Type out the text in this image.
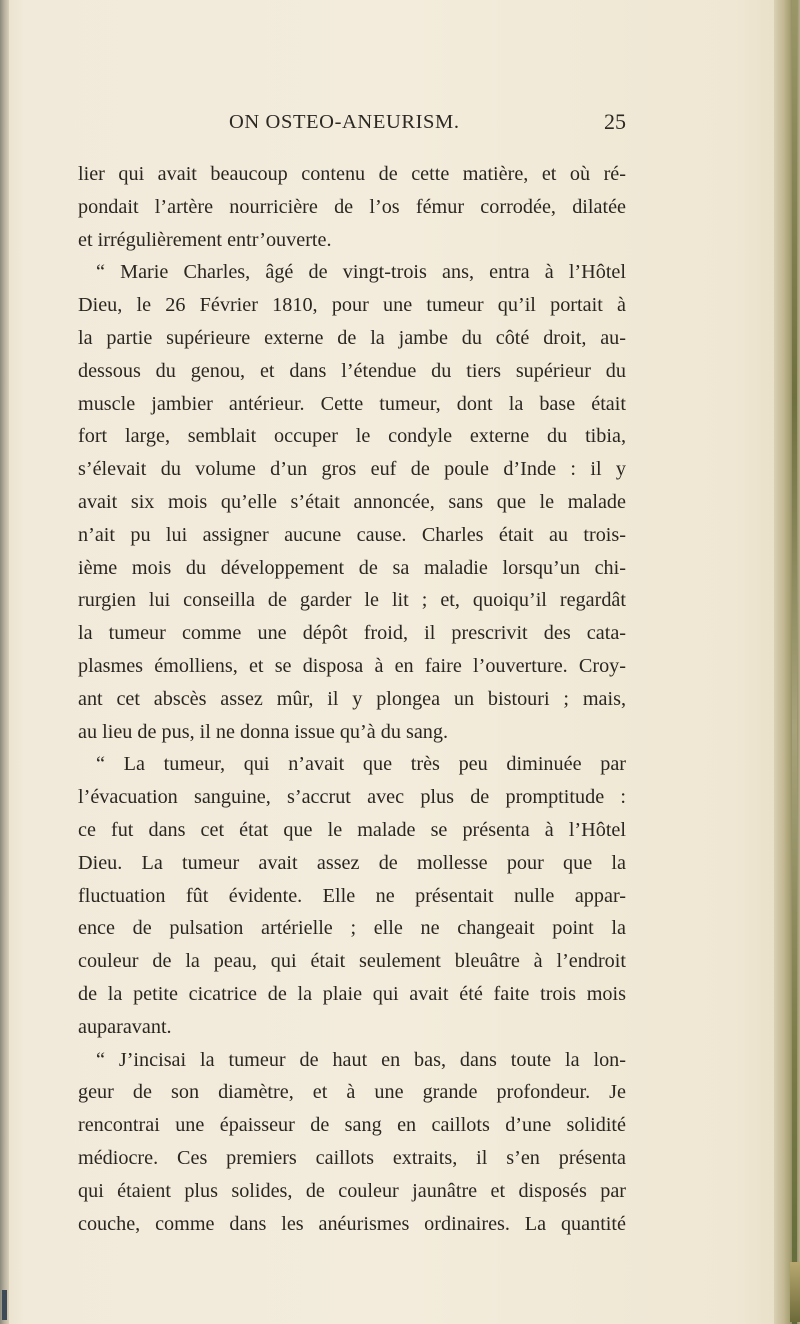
ON OSTEO-ANEURISM.	25
lier qui avait beaucoup contenu de cette matière, et où ré-
pondait l’artère nourricière de l’os fémur corrodée, dilatée
et irrégulièrement entr’ouverte.
“ Marie Charles, âgé de vingt-trois ans, entra à l’Hôtel
Dieu, le 26 Février 1810, pour une tumeur qu’il portait à
la partie supérieure externe de la jambe du côté droit, au-
dessous du genou, et dans l’étendue du tiers supérieur du
muscle jambier antérieur. Cette tumeur, dont la base était
fort large, semblait occuper le condyle externe du tibia,
s’élevait du volume d’un gros euf de poule d’Inde : il y
avait six mois qu’elle s’était annoncée, sans que le malade
n’ait pu lui assigner aucune cause. Charles était au trois-
ième mois du développement de sa maladie lorsqu’un chi-
rurgien lui conseilla de garder le lit ; et, quoiqu’il regardât
la tumeur comme une dépôt froid, il prescrivit des cata-
plasmes émolliens, et se disposa à en faire l’ouverture. Croy-
ant cet abscès assez mûr, il y plongea un bistouri ; mais,
au lieu de pus, il ne donna issue qu’à du sang.
“ La tumeur, qui n’avait que très peu diminuée par
l’évacuation sanguine, s’accrut avec plus de promptitude :
ce fut dans cet état que le malade se présenta à l’Hôtel
Dieu. La tumeur avait assez de mollesse pour que la
fluctuation fût évidente. Elle ne présentait nulle appar-
ence de pulsation artérielle ; elle ne changeait point la
couleur de la peau, qui était seulement bleuâtre à l’endroit
de la petite cicatrice de la plaie qui avait été faite trois mois
auparavant.
“ J’incisai la tumeur de haut en bas, dans toute la lon-
geur de son diamètre, et à une grande profondeur. Je
rencontrai une épaisseur de sang en caillots d’une solidité
médiocre. Ces premiers caillots extraits, il s’en présenta
qui étaient plus solides, de couleur jaunâtre et disposés par
couche, comme dans les anéurismes ordinaires. La quantité
